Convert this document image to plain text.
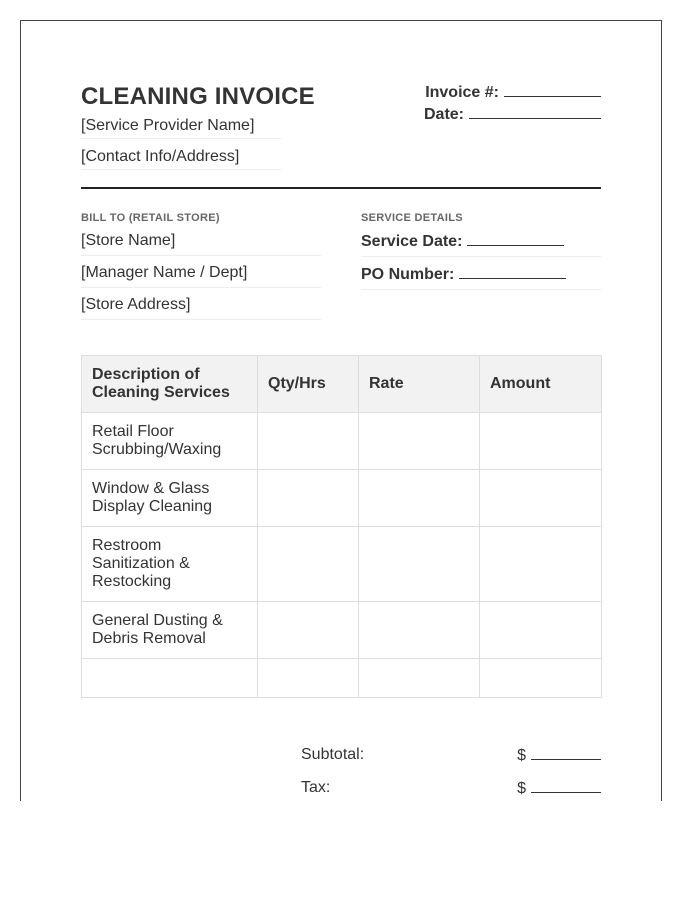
CLEANING INVOICE
[Service Provider Name]
[Contact Info/Address]
Invoice #:
Date:
BILL TO (RETAIL STORE)
[Store Name]
[Manager Name / Dept]
[Store Address]
SERVICE DETAILS
Service Date:
PO Number:
Description of Cleaning Services	Qty/Hrs	Rate	Amount
Retail Floor Scrubbing/Waxing			
Window & Glass Display Cleaning			
Restroom Sanitization & Restocking			
General Dusting & Debris Removal			

Subtotal:	$
Tax:	$
